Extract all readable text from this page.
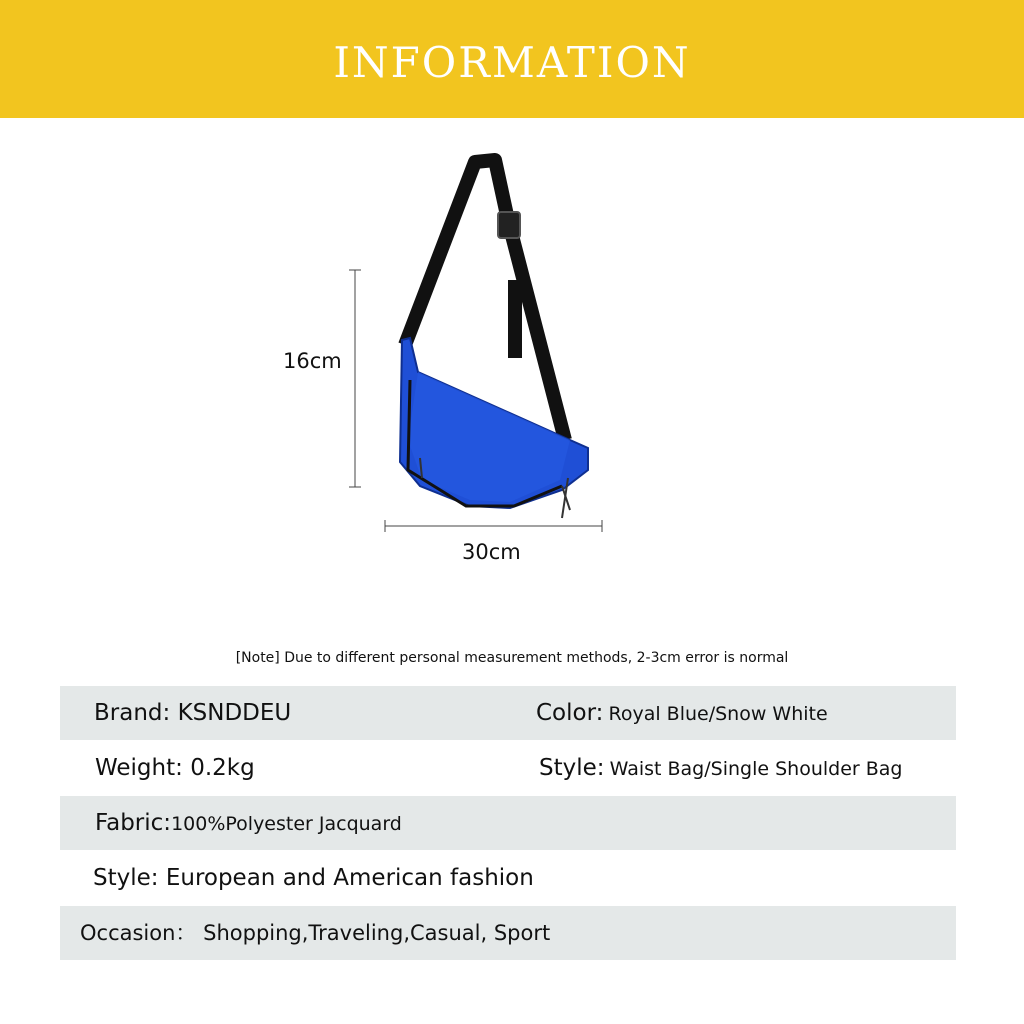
INFORMATION
16cm
30cm
[Note] Due to different personal measurement methods, 2-3cm error is normal
Brand: KSNDDEU	Color: Royal Blue/Snow White
Weight: 0.2kg	Style: Waist Bag/Single Shoulder Bag
Fabric:100%Polyester Jacquard
Style: European and American fashion
Occasion： Shopping,Traveling,Casual, Sport
